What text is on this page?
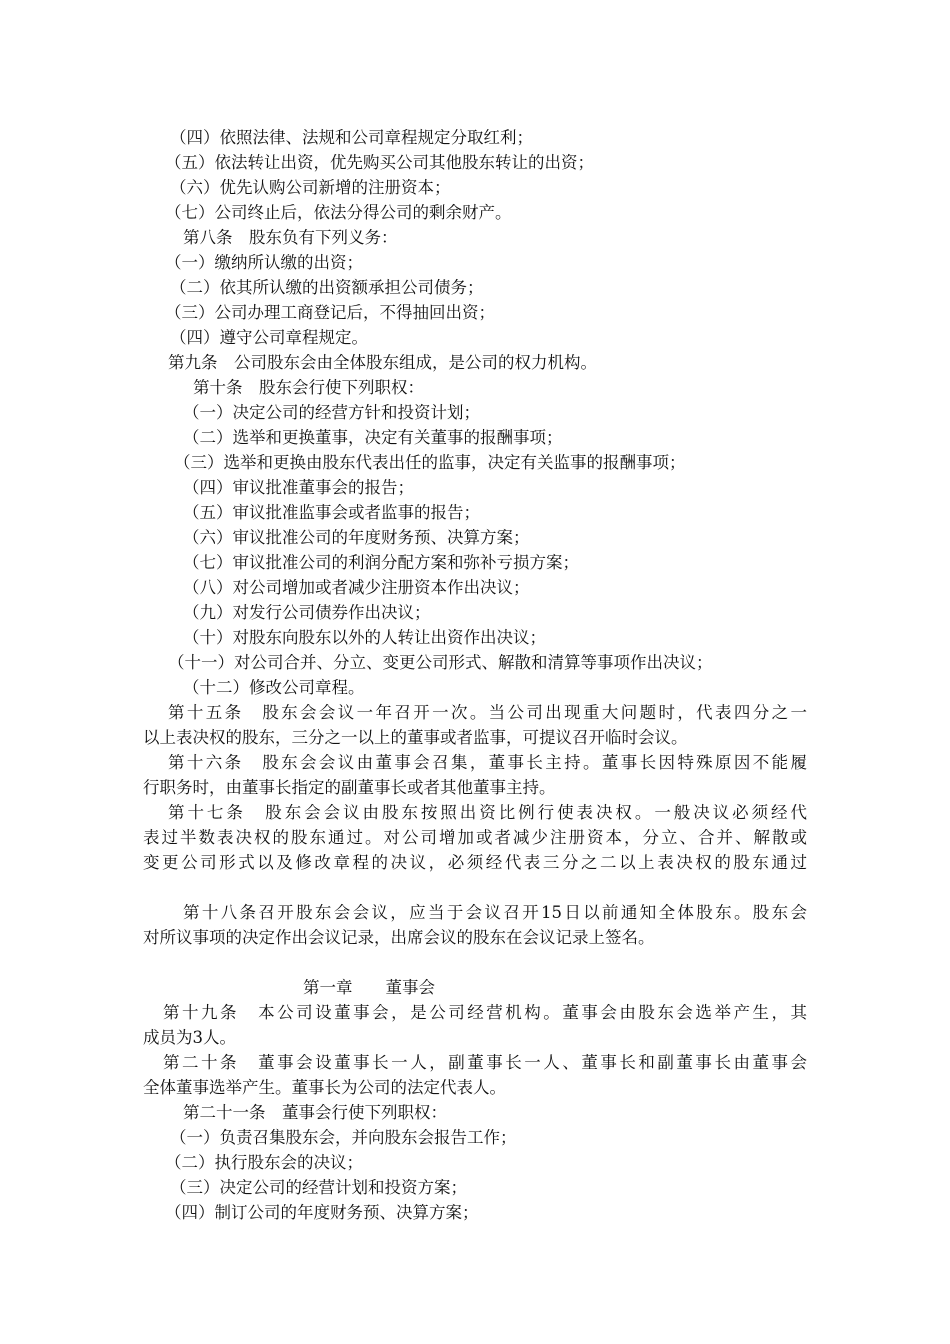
（四）依照法律、法规和公司章程规定分取红利；
（五）依法转让出资，优先购买公司其他股东转让的出资；
（六）优先认购公司新增的注册资本；
（七）公司终止后，依法分得公司的剩余财产。
第八条　股东负有下列义务：
（一）缴纳所认缴的出资；
（二）依其所认缴的出资额承担公司债务；
（三）公司办理工商登记后，不得抽回出资；
（四）遵守公司章程规定。
第九条　公司股东会由全体股东组成，是公司的权力机构。
第十条　股东会行使下列职权：
（一）决定公司的经营方针和投资计划；
（二）选举和更换董事，决定有关董事的报酬事项；
（三）选举和更换由股东代表出任的监事，决定有关监事的报酬事项；
（四）审议批准董事会的报告；
（五）审议批准监事会或者监事的报告；
（六）审议批准公司的年度财务预、决算方案；
（七）审议批准公司的利润分配方案和弥补亏损方案；
（八）对公司增加或者减少注册资本作出决议；
（九）对发行公司债券作出决议；
（十）对股东向股东以外的人转让出资作出决议；
（十一）对公司合并、分立、变更公司形式、解散和清算等事项作出决议；
（十二）修改公司章程。
第十五条　股东会会议一年召开一次。当公司出现重大问题时，代表四分之一
以上表决权的股东，三分之一以上的董事或者监事，可提议召开临时会议。
第十六条　股东会会议由董事会召集，董事长主持。董事长因特殊原因不能履
行职务时，由董事长指定的副董事长或者其他董事主持。
第十七条　股东会会议由股东按照出资比例行使表决权。一般决议必须经代
表过半数表决权的股东通过。对公司增加或者减少注册资本，分立、合并、解散或
变更公司形式以及修改章程的决议，必须经代表三分之二以上表决权的股东通过
第十八条召开股东会会议，应当于会议召开15日以前通知全体股东。股东会
对所议事项的决定作出会议记录，出席会议的股东在会议记录上签名。
第一章　　董事会
第十九条　本公司设董事会，是公司经营机构。董事会由股东会选举产生，其
成员为3人。
第二十条　董事会设董事长一人，副董事长一人、董事长和副董事长由董事会
全体董事选举产生。董事长为公司的法定代表人。
第二十一条　董事会行使下列职权：
（一）负责召集股东会，并向股东会报告工作；
（二）执行股东会的决议；
（三）决定公司的经营计划和投资方案；
（四）制订公司的年度财务预、决算方案；
